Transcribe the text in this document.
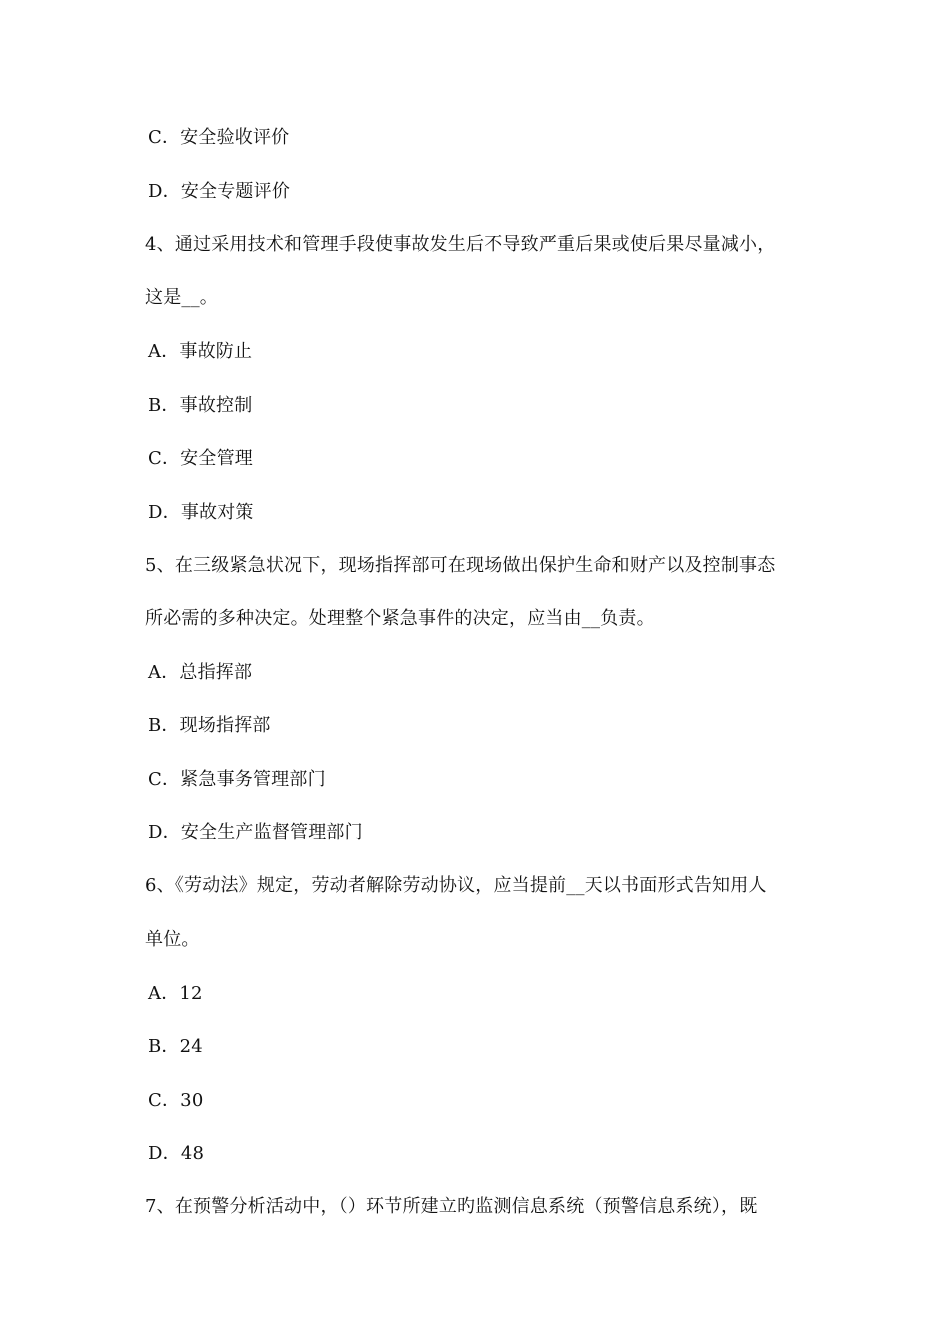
C．安全验收评价
D．安全专题评价
4、通过采用技术和管理手段使事故发生后不导致严重后果或使后果尽量减小，
这是__。
A．事故防止
B．事故控制
C．安全管理
D．事故对策
5、在三级紧急状况下，现场指挥部可在现场做出保护生命和财产以及控制事态
所必需的多种决定。处理整个紧急事件的决定，应当由__负责。
A．总指挥部
B．现场指挥部
C．紧急事务管理部门
D．安全生产监督管理部门
6、《劳动法》规定，劳动者解除劳动协议，应当提前__天以书面形式告知用人
单位。
A．12
B．24
C．30
D．48
7、在预警分析活动中，（）环节所建立旳监测信息系统（预警信息系统），既
